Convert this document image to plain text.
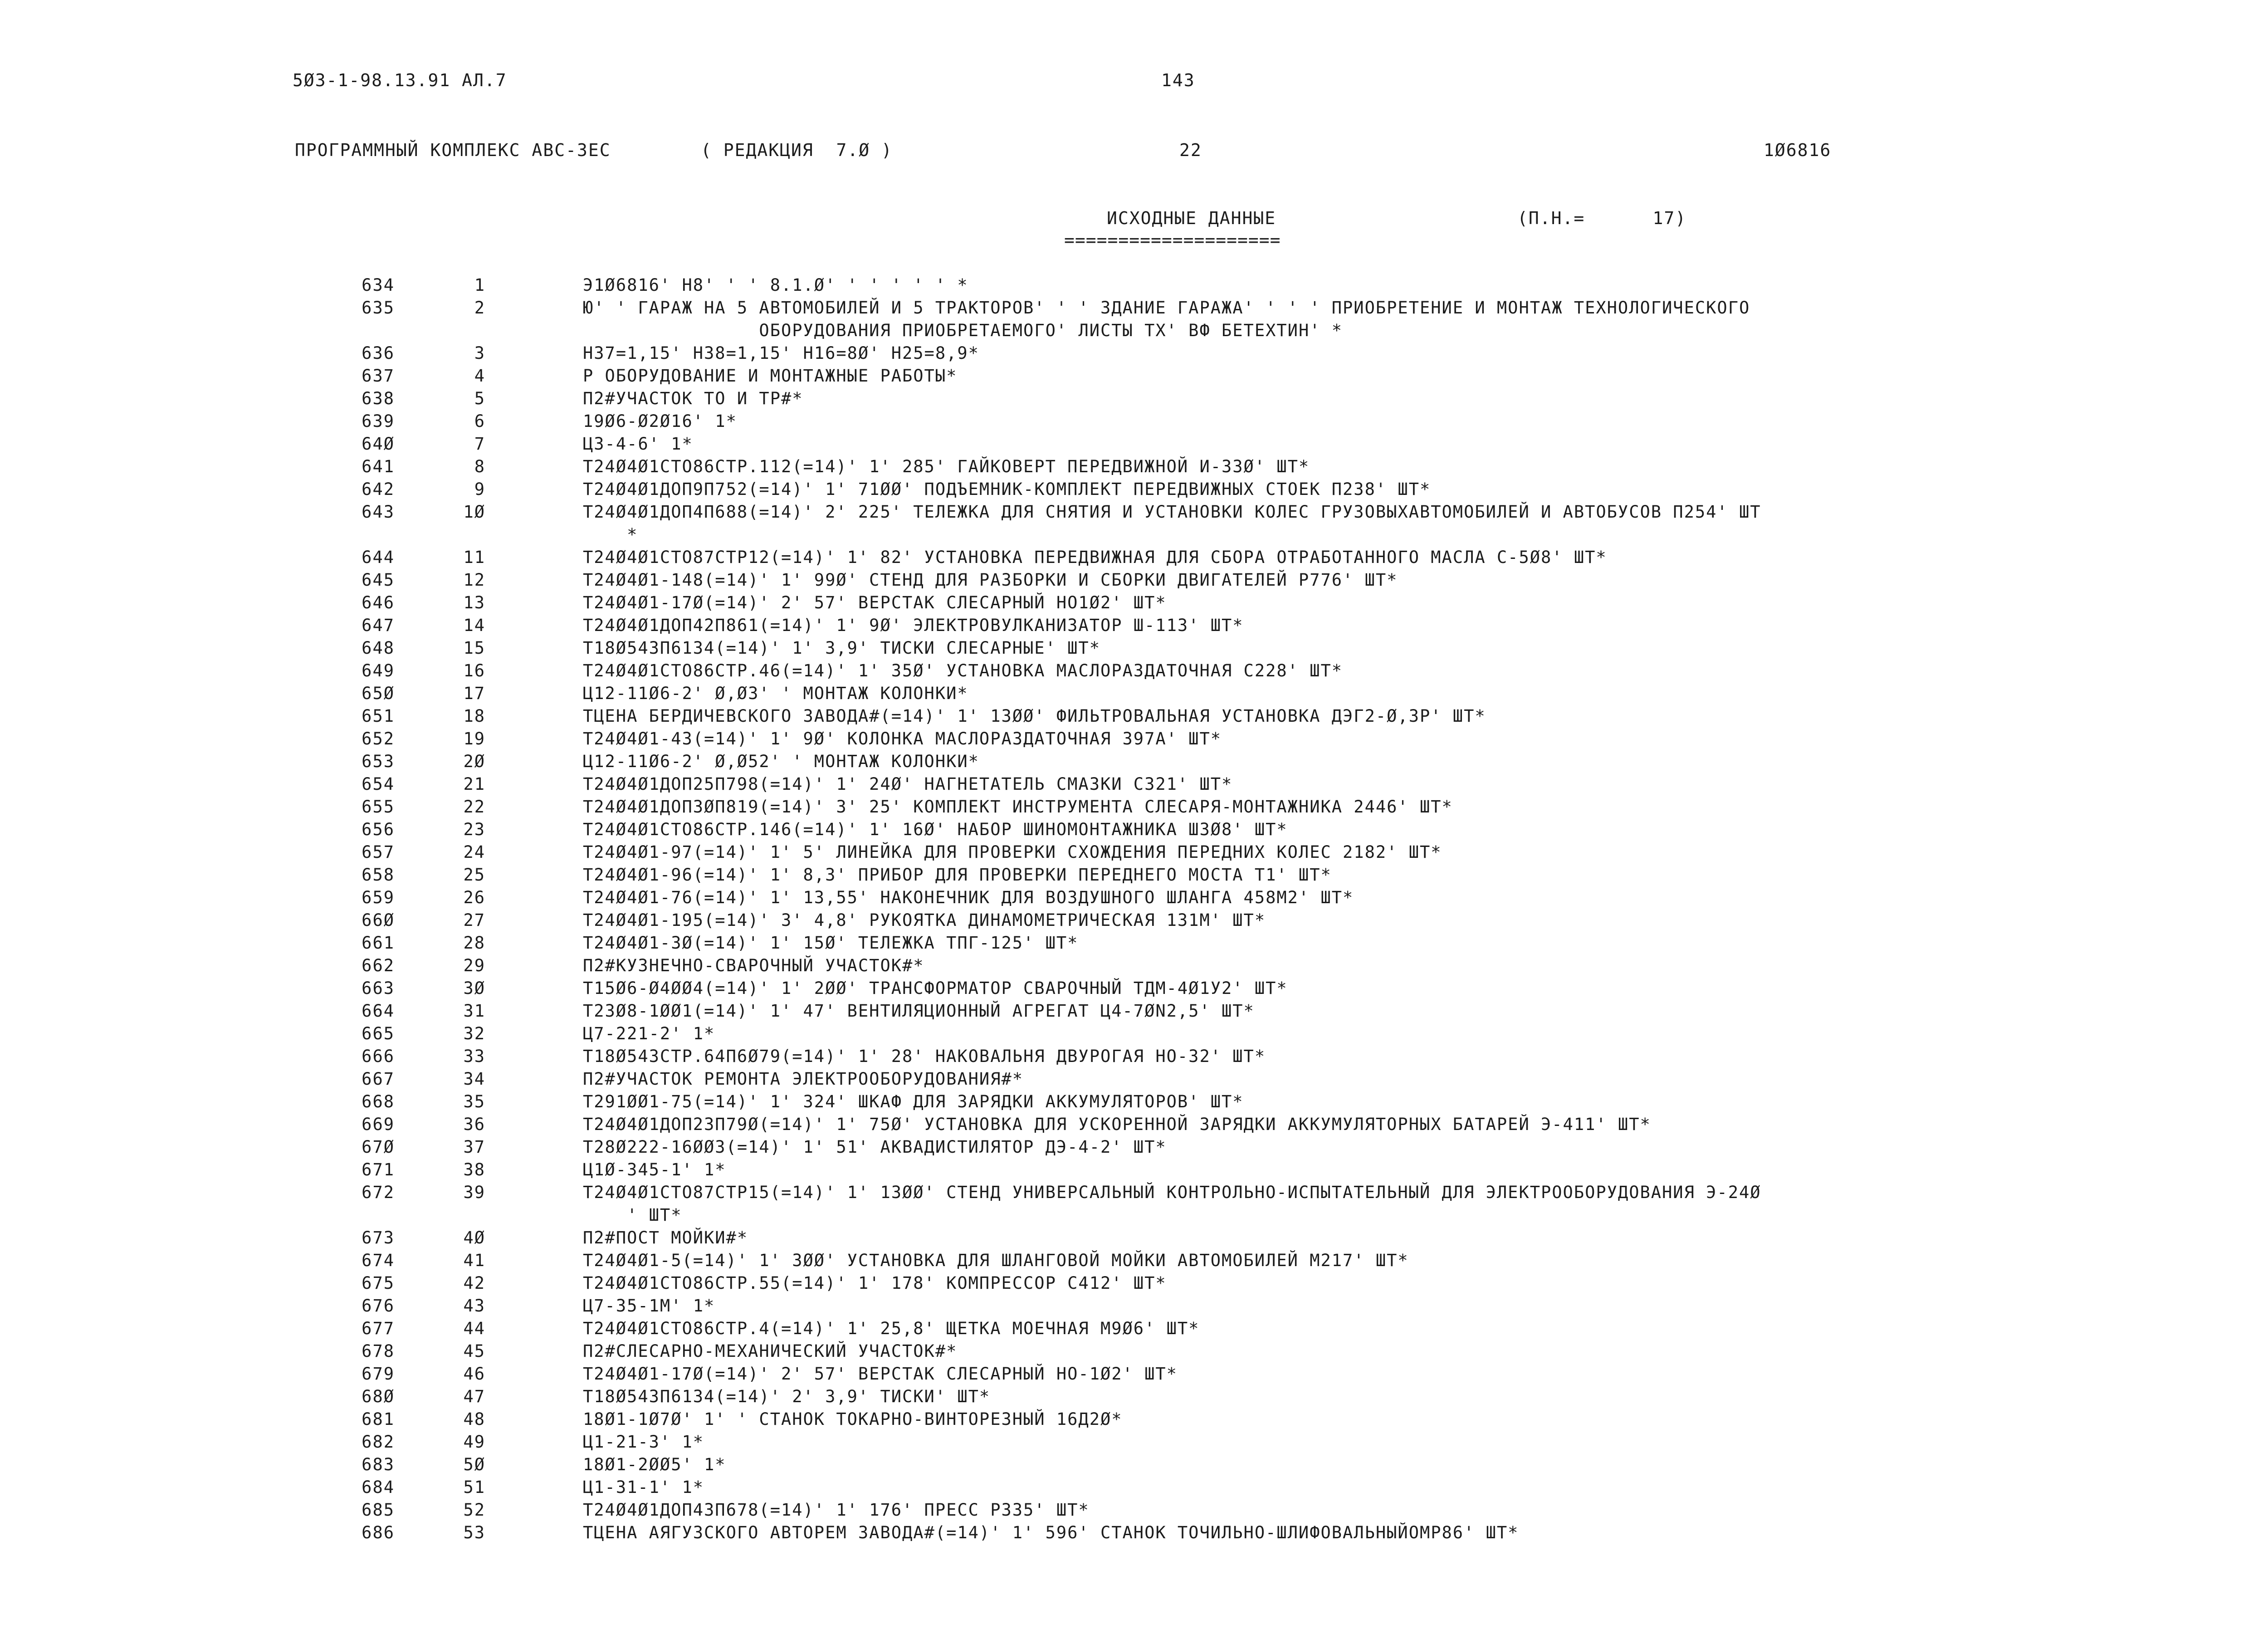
5Ø3-1-98.13.91 АЛ.7	143
ПРОГРАММНЫЙ КОМПЛЕКС АВС-3ЕС	( РЕДАКЦИЯ  7.Ø )	22	1Ø6816
ИСХОДНЫЕ ДАННЫЕ	(П.Н.=      17)
====================
634	1	Э1Ø6816' Н8' ' ' 8.1.Ø' ' ' ' ' ' *
635	2	Ю' ' ГАРАЖ НА 5 АВТОМОБИЛЕЙ И 5 ТРАКТОРОВ' ' ' ЗДАНИЕ ГАРАЖА' ' ' ' ПРИОБРЕТЕНИЕ И МОНТАЖ ТЕХНОЛОГИЧЕСКОГО
ОБОРУДОВАНИЯ ПРИОБРЕТАЕМОГО' ЛИСТЫ ТХ' ВФ БЕТЕХТИН' *
636	3	Н37=1,15' Н38=1,15' Н16=8Ø' Н25=8,9*
637	4	Р ОБОРУДОВАНИЕ И МОНТАЖНЫЕ РАБОТЫ*
638	5	П2#УЧАСТОК ТО И ТР#*
639	6	19Ø6-Ø2Ø16' 1*
64Ø	7	Ц3-4-6' 1*
641	8	Т24Ø4Ø1СТО86СТР.112(=14)' 1' 285' ГАЙКОВЕРТ ПЕРЕДВИЖНОЙ И-33Ø' ШТ*
642	9	Т24Ø4Ø1ДОП9П752(=14)' 1' 71ØØ' ПОДЪЕМНИК-КОМПЛЕКТ ПЕРЕДВИЖНЫХ СТОЕК П238' ШТ*
643	1Ø	Т24Ø4Ø1ДОП4П688(=14)' 2' 225' ТЕЛЕЖКА ДЛЯ СНЯТИЯ И УСТАНОВКИ КОЛЕС ГРУЗОВЫХАВТОМОБИЛЕЙ И АВТОБУСОВ П254' ШТ
*
644	11	Т24Ø4Ø1СТО87СТР12(=14)' 1' 82' УСТАНОВКА ПЕРЕДВИЖНАЯ ДЛЯ СБОРА ОТРАБОТАННОГО МАСЛА С-5Ø8' ШТ*
645	12	Т24Ø4Ø1-148(=14)' 1' 99Ø' СТЕНД ДЛЯ РАЗБОРКИ И СБОРКИ ДВИГАТЕЛЕЙ Р776' ШТ*
646	13	Т24Ø4Ø1-17Ø(=14)' 2' 57' ВЕРСТАК СЛЕСАРНЫЙ НО1Ø2' ШТ*
647	14	Т24Ø4Ø1ДОП42П861(=14)' 1' 9Ø' ЭЛЕКТРОВУЛКАНИЗАТОР Ш-113' ШТ*
648	15	Т18Ø543П6134(=14)' 1' 3,9' ТИСКИ СЛЕСАРНЫЕ' ШТ*
649	16	Т24Ø4Ø1СТО86СТР.46(=14)' 1' 35Ø' УСТАНОВКА МАСЛОРАЗДАТОЧНАЯ С228' ШТ*
65Ø	17	Ц12-11Ø6-2' Ø,Ø3' ' МОНТАЖ КОЛОНКИ*
651	18	ТЦЕНА БЕРДИЧЕВСКОГО ЗАВОДА#(=14)' 1' 13ØØ' ФИЛЬТРОВАЛЬНАЯ УСТАНОВКА ДЭГ2-Ø,3Р' ШТ*
652	19	Т24Ø4Ø1-43(=14)' 1' 9Ø' КОЛОНКА МАСЛОРАЗДАТОЧНАЯ 397А' ШТ*
653	2Ø	Ц12-11Ø6-2' Ø,Ø52' ' МОНТАЖ КОЛОНКИ*
654	21	Т24Ø4Ø1ДОП25П798(=14)' 1' 24Ø' НАГНЕТАТЕЛЬ СМАЗКИ С321' ШТ*
655	22	Т24Ø4Ø1ДОП3ØП819(=14)' 3' 25' КОМПЛЕКТ ИНСТРУМЕНТА СЛЕСАРЯ-МОНТАЖНИКА 2446' ШТ*
656	23	Т24Ø4Ø1СТО86СТР.146(=14)' 1' 16Ø' НАБОР ШИНОМОНТАЖНИКА Ш3Ø8' ШТ*
657	24	Т24Ø4Ø1-97(=14)' 1' 5' ЛИНЕЙКА ДЛЯ ПРОВЕРКИ СХОЖДЕНИЯ ПЕРЕДНИХ КОЛЕС 2182' ШТ*
658	25	Т24Ø4Ø1-96(=14)' 1' 8,3' ПРИБОР ДЛЯ ПРОВЕРКИ ПЕРЕДНЕГО МОСТА Т1' ШТ*
659	26	Т24Ø4Ø1-76(=14)' 1' 13,55' НАКОНЕЧНИК ДЛЯ ВОЗДУШНОГО ШЛАНГА 458М2' ШТ*
66Ø	27	Т24Ø4Ø1-195(=14)' 3' 4,8' РУКОЯТКА ДИНАМОМЕТРИЧЕСКАЯ 131М' ШТ*
661	28	Т24Ø4Ø1-3Ø(=14)' 1' 15Ø' ТЕЛЕЖКА ТПГ-125' ШТ*
662	29	П2#КУЗНЕЧНО-СВАРОЧНЫЙ УЧАСТОК#*
663	3Ø	Т15Ø6-Ø4ØØ4(=14)' 1' 2ØØ' ТРАНСФОРМАТОР СВАРОЧНЫЙ ТДМ-4Ø1У2' ШТ*
664	31	Т23Ø8-1ØØ1(=14)' 1' 47' ВЕНТИЛЯЦИОННЫЙ АГРЕГАТ Ц4-7ØN2,5' ШТ*
665	32	Ц7-221-2' 1*
666	33	Т18Ø543СТР.64П6Ø79(=14)' 1' 28' НАКОВАЛЬНЯ ДВУРОГАЯ НО-32' ШТ*
667	34	П2#УЧАСТОК РЕМОНТА ЭЛЕКТРООБОРУДОВАНИЯ#*
668	35	Т291ØØ1-75(=14)' 1' 324' ШКАФ ДЛЯ ЗАРЯДКИ АККУМУЛЯТОРОВ' ШТ*
669	36	Т24Ø4Ø1ДОП23П79Ø(=14)' 1' 75Ø' УСТАНОВКА ДЛЯ УСКОРЕННОЙ ЗАРЯДКИ АККУМУЛЯТОРНЫХ БАТАРЕЙ Э-411' ШТ*
67Ø	37	Т28Ø222-16ØØ3(=14)' 1' 51' АКВАДИСТИЛЯТОР ДЭ-4-2' ШТ*
671	38	Ц1Ø-345-1' 1*
672	39	Т24Ø4Ø1СТО87СТР15(=14)' 1' 13ØØ' СТЕНД УНИВЕРСАЛЬНЫЙ КОНТРОЛЬНО-ИСПЫТАТЕЛЬНЫЙ ДЛЯ ЭЛЕКТРООБОРУДОВАНИЯ Э-24Ø
' ШТ*
673	4Ø	П2#ПОСТ МОЙКИ#*
674	41	Т24Ø4Ø1-5(=14)' 1' 3ØØ' УСТАНОВКА ДЛЯ ШЛАНГОВОЙ МОЙКИ АВТОМОБИЛЕЙ М217' ШТ*
675	42	Т24Ø4Ø1СТО86СТР.55(=14)' 1' 178' КОМПРЕССОР С412' ШТ*
676	43	Ц7-35-1М' 1*
677	44	Т24Ø4Ø1СТО86СТР.4(=14)' 1' 25,8' ЩЕТКА МОЕЧНАЯ М9Ø6' ШТ*
678	45	П2#СЛЕСАРНО-МЕХАНИЧЕСКИЙ УЧАСТОК#*
679	46	Т24Ø4Ø1-17Ø(=14)' 2' 57' ВЕРСТАК СЛЕСАРНЫЙ НО-1Ø2' ШТ*
68Ø	47	Т18Ø543П6134(=14)' 2' 3,9' ТИСКИ' ШТ*
681	48	18Ø1-1Ø7Ø' 1' ' СТАНОК ТОКАРНО-ВИНТОРЕЗНЫЙ 16Д2Ø*
682	49	Ц1-21-3' 1*
683	5Ø	18Ø1-2ØØ5' 1*
684	51	Ц1-31-1' 1*
685	52	Т24Ø4Ø1ДОП43П678(=14)' 1' 176' ПРЕСС Р335' ШТ*
686	53	ТЦЕНА АЯГУЗСКОГО АВТОРЕМ ЗАВОДА#(=14)' 1' 596' СТАНОК ТОЧИЛЬНО-ШЛИФОВАЛЬНЫЙОМР86' ШТ*
